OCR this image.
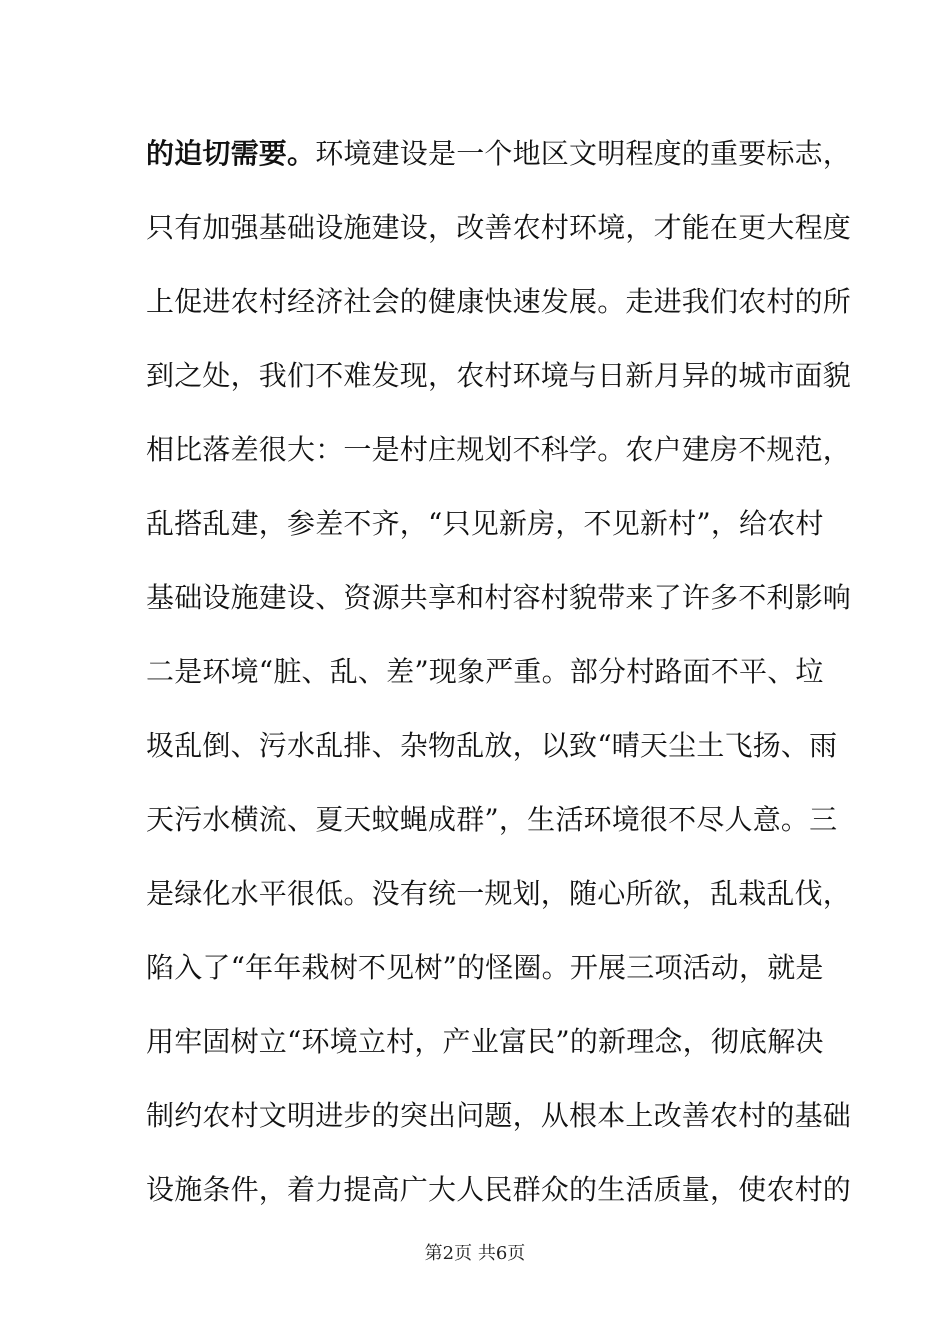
的迫切需要。环境建设是一个地区文明程度的重要标志，
只有加强基础设施建设，改善农村环境，才能在更大程度
上促进农村经济社会的健康快速发展。走进我们农村的所
到之处，我们不难发现，农村环境与日新月异的城市面貌
相比落差很大：一是村庄规划不科学。农户建房不规范，
乱搭乱建，参差不齐，“只见新房，不见新村”，给农村
基础设施建设、资源共享和村容村貌带来了许多不利影响
二是环境“脏、乱、差”现象严重。部分村路面不平、垃
圾乱倒、污水乱排、杂物乱放，以致“晴天尘土飞扬、雨
天污水横流、夏天蚊蝇成群”，生活环境很不尽人意。三
是绿化水平很低。没有统一规划，随心所欲，乱栽乱伐，
陷入了“年年栽树不见树”的怪圈。开展三项活动，就是
用牢固树立“环境立村，产业富民”的新理念，彻底解决
制约农村文明进步的突出问题，从根本上改善农村的基础
设施条件，着力提高广大人民群众的生活质量，使农村的
第2页 共6页
